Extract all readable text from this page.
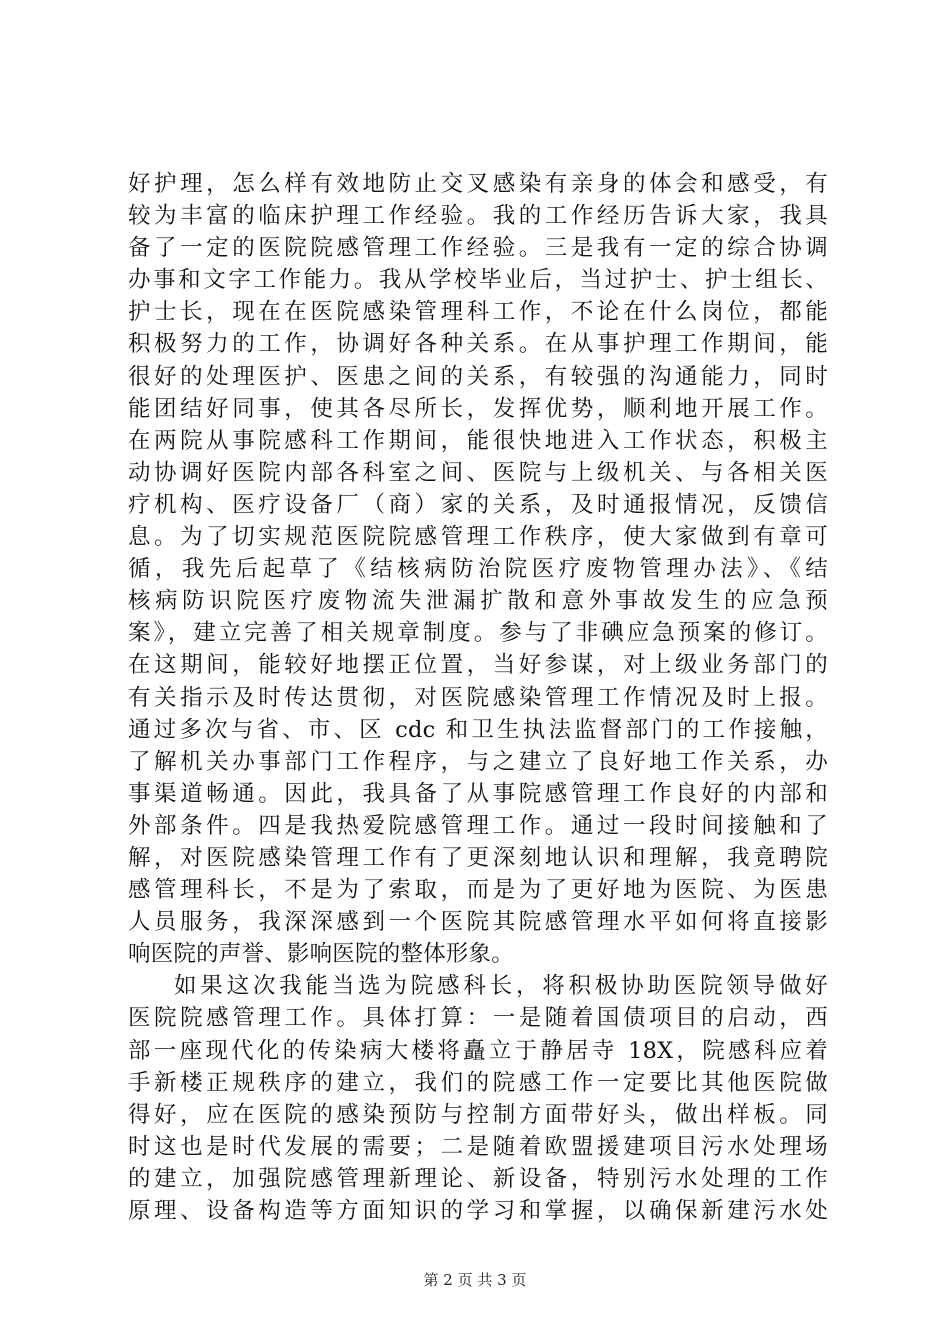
好护理，怎么样有效地防止交叉感染有亲身的体会和感受，有
较为丰富的临床护理工作经验。我的工作经历告诉大家，我具
备了一定的医院院感管理工作经验。三是我有一定的综合协调
办事和文字工作能力。我从学校毕业后，当过护士、护士组长、
护士长，现在在医院感染管理科工作，不论在什么岗位，都能
积极努力的工作，协调好各种关系。在从事护理工作期间，能
很好的处理医护、医患之间的关系，有较强的沟通能力，同时
能团结好同事，使其各尽所长，发挥优势，顺利地开展工作。
在两院从事院感科工作期间，能很快地进入工作状态，积极主
动协调好医院内部各科室之间、医院与上级机关、与各相关医
疗机构、医疗设备厂（商）家的关系，及时通报情况，反馈信
息。为了切实规范医院院感管理工作秩序，使大家做到有章可
循，我先后起草了《结核病防治院医疗废物管理办法》、《结
核病防识院医疗废物流失泄漏扩散和意外事故发生的应急预
案》，建立完善了相关规章制度。参与了非碘应急预案的修订。
在这期间，能较好地摆正位置，当好参谋，对上级业务部门的
有关指示及时传达贯彻，对医院感染管理工作情况及时上报。
通过多次与省、市、区 cdc 和卫生执法监督部门的工作接触，
了解机关办事部门工作程序，与之建立了良好地工作关系，办
事渠道畅通。因此，我具备了从事院感管理工作良好的内部和
外部条件。四是我热爱院感管理工作。通过一段时间接触和了
解，对医院感染管理工作有了更深刻地认识和理解，我竟聘院
感管理科长，不是为了索取，而是为了更好地为医院、为医患
人员服务，我深深感到一个医院其院感管理水平如何将直接影
响医院的声誉、影响医院的整体形象。
如果这次我能当选为院感科长，将积极协助医院领导做好
医院院感管理工作。具体打算：一是随着国债项目的启动，西
部一座现代化的传染病大楼将矗立于静居寺 18X，院感科应着
手新楼正规秩序的建立，我们的院感工作一定要比其他医院做
得好，应在医院的感染预防与控制方面带好头，做出样板。同
时这也是时代发展的需要；二是随着欧盟援建项目污水处理场
的建立，加强院感管理新理论、新设备，特别污水处理的工作
原理、设备构造等方面知识的学习和掌握，以确保新建污水处
第 2 页 共 3 页
